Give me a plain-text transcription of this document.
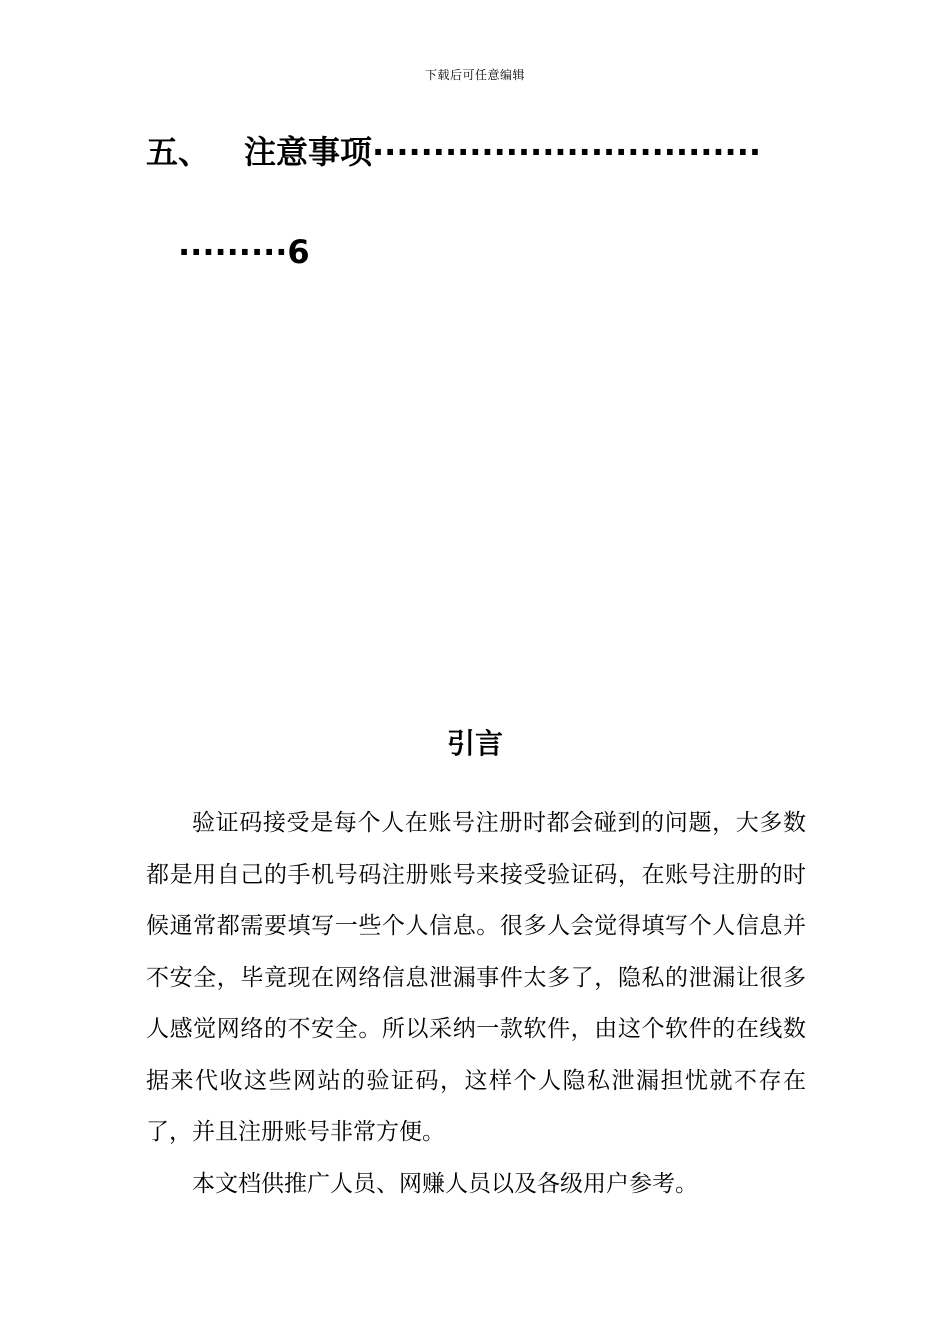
下载后可任意编辑
五、 注意事项································
·········6
引言

验证码接受是每个人在账号注册时都会碰到的问题，大多数都是用自己的手机号码注册账号来接受验证码，在账号注册的时候通常都需要填写一些个人信息。很多人会觉得填写个人信息并不安全，毕竟现在网络信息泄漏事件太多了，隐私的泄漏让很多人感觉网络的不安全。所以采纳一款软件，由这个软件的在线数据来代收这些网站的验证码，这样个人隐私泄漏担忧就不存在了，并且注册账号非常方便。

本文档供推广人员、网赚人员以及各级用户参考。
